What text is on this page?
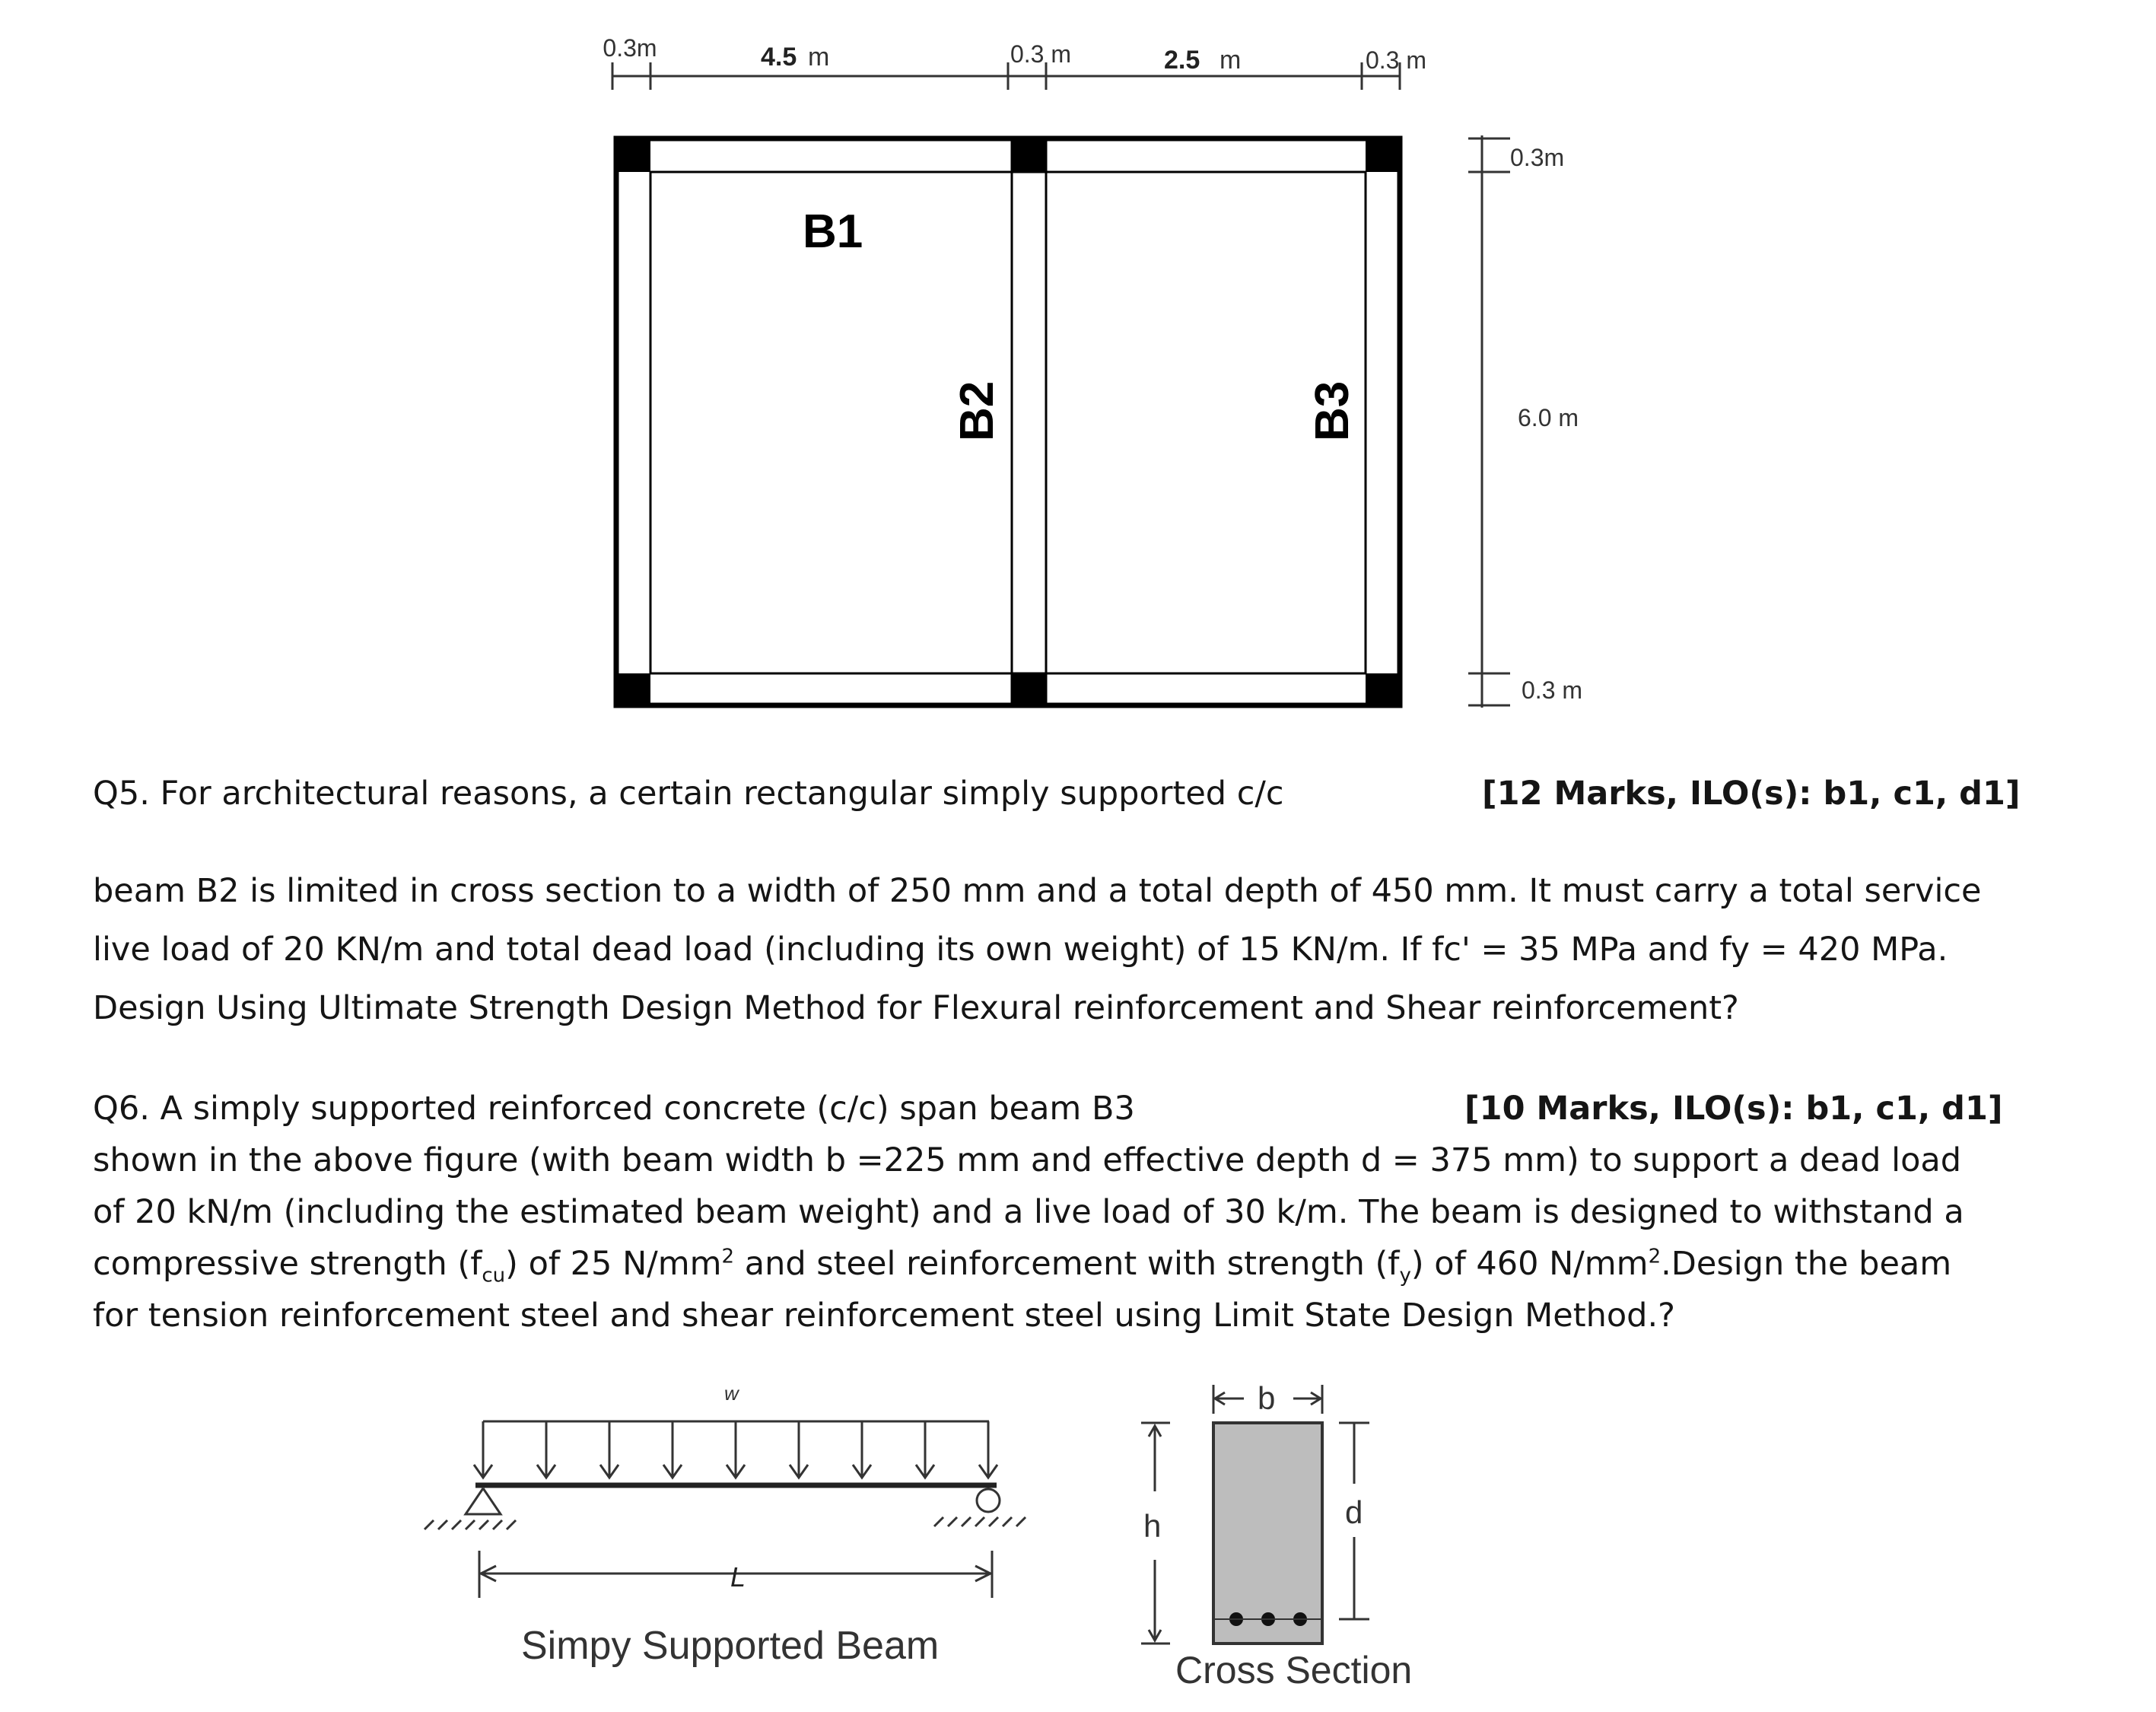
0.3m	4.5 m	0.3 m	2.5 m	0.3 m
B1
B2	B3
0.3m
6.0 m
0.3 m
Q5. For architectural reasons, a certain rectangular simply supported c/c	[12 Marks, ILO(s): b1, c1, d1]
beam B2 is limited in cross section to a width of 250 mm and a total depth of 450 mm. It must carry a total service
live load of 20 KN/m and total dead load (including its own weight) of 15 KN/m. If fc' = 35 MPa and fy = 420 MPa.
Design Using Ultimate Strength Design Method for Flexural reinforcement and Shear reinforcement?
Q6. A simply supported reinforced concrete (c/c) span beam B3	[10 Marks, ILO(s): b1, c1, d1]
shown in the above figure (with beam width b =225 mm and effective depth d = 375 mm) to support a dead load
of 20 kN/m (including the estimated beam weight) and a live load of 30 k/m. The beam is designed to withstand a
compressive strength $(f_{cu})$ of 25 $N/mm^2$ and steel reinforcement with strength $(f_y)$ of 460 $N/mm^2.Design$ the beam
for tension reinforcement steel and shear reinforcement steel using Limit State Design Method.?
w
L
Simpy Supported Beam
b
h	d
Cross Section
